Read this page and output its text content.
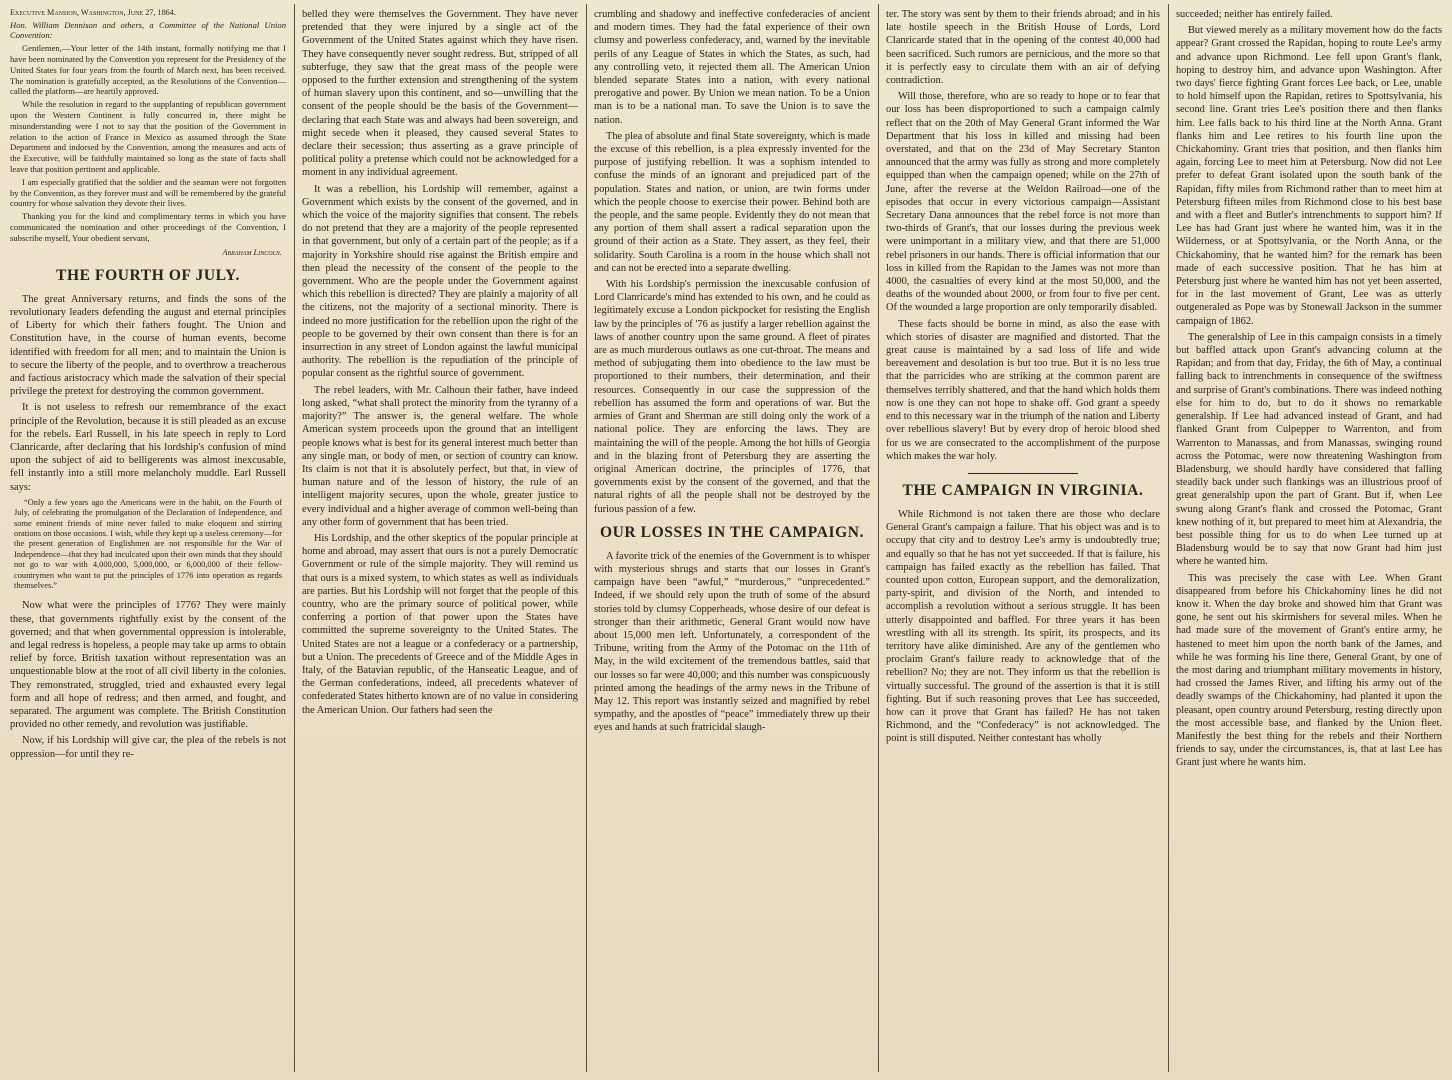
Executive Mansion, Washington, June 27, 1864.
Hon. William Dennison and others, a Committee of the National Union Convention:
Gentlemen,—Your letter of the 14th instant, formally notifying me that I have been nominated by the Convention you represent for the Presidency of the United States for four years from the fourth of March next, has been received. The nomination is gratefully accepted, as the Resolutions of the Convention—called the platform—are heartily approved.
While the resolution in regard to the supplanting of republican government upon the Western Continent is fully concurred in, there might be misunderstanding were I not to say that the position of the Government in relation to the action of France in Mexico as assumed through the State Department and indorsed by the Convention, among the measures and acts of the Executive, will be faithfully maintained so long as the state of facts shall leave that position pertinent and applicable.
I am especially gratified that the soldier and the seaman were not forgotten by the Convention, as they forever must and will be remembered by the grateful country for whose salvation they devote their lives.
Thanking you for the kind and complimentary terms in which you have communicated the nomination and other proceedings of the Convention, I subscribe myself, Your obedient servant,
Abraham Lincoln.
THE FOURTH OF JULY.

The great Anniversary returns, and finds the sons of the revolutionary leaders defending the august and eternal principles of Liberty for which their fathers fought. The Union and Constitution have, in the course of human events, become identified with freedom for all men; and to maintain the Union is to secure the liberty of the people, and to overthrow a treacherous and factious aristocracy which made the salvation of their special privilege the pretext for destroying the common government.

It is not useless to refresh our remembrance of the exact principle of the Revolution, because it is still pleaded as an excuse for the rebels. Earl Russell, in his late speech in reply to Lord Clanricarde, after declaring that his lordship's confusion of mind upon the subject of aid to belligerents was almost inexcusable, fell instantly into a still more melancholy muddle. Earl Russell says:

“Only a few years ago the Americans were in the habit, on the Fourth of July, of celebrating the promulgation of the Declaration of Independence, and some eminent friends of mine never failed to make eloquent and stirring orations on those occasions. I wish, while they kept up a useless ceremony—for the present generation of Englishmen are not responsible for the War of Independence—that they had inculcated upon their own minds that they should not go to war with 4,000,000, 5,000,000, or 6,000,000 of their fellow-countrymen who want to put the principles of 1776 into operation as regards themselves.”

Now what were the principles of 1776? They were mainly these, that governments rightfully exist by the consent of the governed; and that when governmental oppression is intolerable, and legal redress is hopeless, a people may take up arms to obtain relief by force. British taxation without representation was an unquestionable blow at the root of all civil liberty in the colonies. They remonstrated, struggled, tried and exhausted every legal form and all hope of redress; and then armed, and fought, and separated. The argument was complete. The British Constitution provided no other remedy, and revolution was justifiable.

Now, if his Lordship will give car, the plea of the rebels is not oppression—for until they re-

belled they were themselves the Government. They have never pretended that they were injured by a single act of the Government of the United States against which they have risen. They have consequently never sought redress. But, stripped of all subterfuge, they saw that the great mass of the people were opposed to the further extension and strengthening of the system of human slavery upon this continent, and so—unwilling that the consent of the people should be the basis of the Government—declaring that each State was and always had been sovereign, and might secede when it pleased, they caused several States to declare their secession; thus asserting as a grave principle of political polity a pretense which could not be acknowledged for a moment in any individual agreement.

It was a rebellion, his Lordship will remember, against a Government which exists by the consent of the governed, and in which the voice of the majority signifies that consent. The rebels do not pretend that they are a majority of the people represented in that government, but only of a certain part of the people; as if a majority in Yorkshire should rise against the British empire and then plead the necessity of the consent of the people to the government. Who are the people under the Government against which this rebellion is directed? They are plainly a majority of all the citizens, not the majority of a sectional minority. There is indeed no more justification for the rebellion upon the right of the people to be governed by their own consent than there is for an insurrection in any street of London against the lawful municipal authority. The rebellion is the repudiation of the principle of popular consent as the rightful source of government.

The rebel leaders, with Mr. Calhoun their father, have indeed long asked, “what shall protect the minority from the tyranny of a majority?” The answer is, the general welfare. The whole American system proceeds upon the ground that an intelligent people knows what is best for its general interest much better than any single man, or body of men, or section of country can know. Its claim is not that it is absolutely perfect, but that, in view of human nature and of the lesson of history, the rule of an intelligent majority secures, upon the whole, greater justice to every individual and a higher average of common well-being than any other form of government that has been tried.

His Lordship, and the other skeptics of the popular principle at home and abroad, may assert that ours is not a purely Democratic Government or rule of the simple majority. They will remind us that ours is a mixed system, to which states as well as individuals are parties. But his Lordship will not forget that the people of this country, who are the primary source of political power, while conferring a portion of that power upon the States have committed the supreme sovereignty to the United States. The United States are not a league or a confederacy or a partnership, but a Union. The precedents of Greece and of the Middle Ages in Italy, of the Batavian republic, of the Hanseatic League, and of the German confederations, indeed, all precedents whatever of confederated States hitherto known are of no value in considering the American Union. Our fathers had seen the

crumbling and shadowy and ineffective confederacies of ancient and modern times. They had the fatal experience of their own clumsy and powerless confederacy, and, warned by the inevitable perils of any League of States in which the States, as such, had any controlling veto, it rejected them all. The American Union blended separate States into a nation, with every national prerogative and power. By Union we mean nation. To be a Union man is to be a national man. To save the Union is to save the nation.

The plea of absolute and final State sovereignty, which is made the excuse of this rebellion, is a plea expressly invented for the purpose of justifying rebellion. It was a sophism intended to confuse the minds of an ignorant and prejudiced part of the population. States and nation, or union, are twin forms under which the people choose to exercise their power. Behind both are the people, and the same people. Evidently they do not mean that any portion of them shall assert a radical separation upon the ground of their action as a State. They assert, as they feel, their solidarity. South Carolina is a room in the house which shall not and can not be erected into a separate dwelling.

With his Lordship's permission the inexcusable confusion of Lord Clanricarde's mind has extended to his own, and he could as legitimately excuse a London pickpocket for resisting the English law by the principles of '76 as justify a larger rebellion against the laws of another country upon the same ground. A fleet of pirates are as much murderous outlaws as one cut-throat. The means and method of subjugating them into obedience to the law must be proportioned to their numbers, their determination, and their resources. Consequently in our case the suppression of the rebellion has assumed the form and operations of war. But the armies of Grant and Sherman are still doing only the work of a national police. They are enforcing the laws. They are maintaining the will of the people. Among the hot hills of Georgia and in the blazing front of Petersburg they are asserting the original American doctrine, the principles of 1776, that governments exist by the consent of the governed, and that the natural rights of all the people shall not be destroyed by the furious passion of a few.

OUR LOSSES IN THE CAMPAIGN.

A favorite trick of the enemies of the Government is to whisper with mysterious shrugs and starts that our losses in Grant's campaign have been “awful,” “murderous,” “unprecedented.” Indeed, if we should rely upon the truth of some of the absurd stories told by clumsy Copperheads, whose desire of our defeat is stronger than their arithmetic, General Grant would now have about 15,000 men left. Unfortunately, a correspondent of the Tribune, writing from the Army of the Potomac on the 11th of May, in the wild excitement of the tremendous battles, said that our losses so far were 40,000; and this number was conspicuously printed among the headings of the army news in the Tribune of May 12. This report was instantly seized and magnified by rebel sympathy, and the apostles of “peace” immediately threw up their eyes and hands at such fratricidal slaugh-

ter. The story was sent by them to their friends abroad; and in his late hostile speech in the British House of Lords, Lord Clanricarde stated that in the opening of the contest 40,000 had been sacrificed. Such rumors are pernicious, and the more so that it is perfectly easy to circulate them with an air of defying contradiction.

Will those, therefore, who are so ready to hope or to fear that our loss has been disproportioned to such a campaign calmly reflect that on the 20th of May General Grant informed the War Department that his loss in killed and missing had been overstated, and that on the 23d of May Secretary Stanton announced that the army was fully as strong and more completely equipped than when the campaign opened; while on the 27th of June, after the reverse at the Weldon Railroad—one of the episodes that occur in every victorious campaign—Assistant Secretary Dana announces that the rebel force is not more than two-thirds of Grant's, that our losses during the previous week were unimportant in a military view, and that there are 51,000 rebel prisoners in our hands. There is official information that our loss in killed from the Rapidan to the James was not more than 4000, the casualties of every kind at the most 50,000, and the deaths of the wounded about 2000, or from four to five per cent. Of the wounded a large proportion are only temporarily disabled.

These facts should be borne in mind, as also the ease with which stories of disaster are magnified and distorted. That the great cause is maintained by a sad loss of life and wide bereavement and desolation is but too true. But it is no less true that the parricides who are striking at the common parent are themselves terribly shattered, and that the hand which holds them now is one they can not hope to shake off. God grant a speedy end to this necessary war in the triumph of the nation and Liberty over rebellious slavery! But by every drop of heroic blood shed for us we are consecrated to the accomplishment of the purpose which makes the war holy.

THE CAMPAIGN IN VIRGINIA.

While Richmond is not taken there are those who declare General Grant's campaign a failure. That his object was and is to occupy that city and to destroy Lee's army is undoubtedly true; and equally so that he has not yet succeeded. If that is failure, his campaign has failed exactly as the rebellion has failed. That counted upon cotton, European support, and the demoralization, party-spirit, and division of the North, and intended to accomplish a revolution without a serious struggle. It has been utterly disappointed and baffled. For three years it has been wrestling with all its strength. Its spirit, its prospects, and its territory have alike diminished. Are any of the gentlemen who proclaim Grant's failure ready to acknowledge that of the rebellion? No; they are not. They inform us that the rebellion is virtually successful. The ground of the assertion is that it is still fighting. But if such reasoning proves that Lee has succeeded, how can it prove that Grant has failed? He has not taken Richmond, and the “Confederacy” is not acknowledged. The point is still disputed. Neither contestant has wholly

succeeded; neither has entirely failed.

But viewed merely as a military movement how do the facts appear? Grant crossed the Rapidan, hoping to route Lee's army and advance upon Richmond. Lee fell upon Grant's flank, hoping to destroy him, and advance upon Washington. After two days' fierce fighting Grant forces Lee back, or Lee, unable to hold himself upon the Rapidan, retires to Spottsylvania, his second line. Grant tries Lee's position there and then flanks him. Lee falls back to his third line at the North Anna. Grant flanks him and Lee retires to his fourth line upon the Chickahominy. Grant tries that position, and then flanks him again, forcing Lee to meet him at Petersburg. Now did not Lee prefer to defeat Grant isolated upon the south bank of the Rapidan, fifty miles from Richmond rather than to meet him at Petersburg fifteen miles from Richmond close to his best base and with a fleet and Butler's intrenchments to support him? If Lee has had Grant just where he wanted him, was it in the Wilderness, or at Spottsylvania, or the North Anna, or the Chickahominy, that he wanted him? for the remark has been made of each successive position. That he has him at Petersburg just where he wanted him has not yet been asserted, for in the last movement of Grant, Lee was as utterly outgeneraled as Pope was by Stonewall Jackson in the summer campaign of 1862.

The generalship of Lee in this campaign consists in a timely but baffled attack upon Grant's advancing column at the Rapidan; and from that day, Friday, the 6th of May, a continual falling back to intrenchments in consequence of the swiftness and surprise of Grant's combinations. There was indeed nothing else for him to do, but to do it shows no remarkable generalship. If Lee had advanced instead of Grant, and had flanked Grant from Culpepper to Warrenton, and from Warrenton to Manassas, and from Manassas, swinging round across the Potomac, were now threatening Washington from Bladensburg, we should hardly have considered that falling steadily back under such flankings was an illustrious proof of great generalship upon the part of Grant. But if, when Lee swung along Grant's flank and crossed the Potomac, Grant knew nothing of it, but prepared to meet him at Alexandria, the best possible thing for us to do when Lee turned up at Bladensburg would be to say that now Grant had him just where he wanted him.

This was precisely the case with Lee. When Grant disappeared from before his Chickahominy lines he did not know it. When the day broke and showed him that Grant was gone, he sent out his skirmishers for several miles. When he had made sure of the movement of Grant's entire army, he hastened to meet him upon the north bank of the James, and while he was forming his line there, General Grant, by one of the most daring and triumphant military movements in history, had crossed the James River, and lifting his army out of the deadly swamps of the Chickahominy, had planted it upon the pleasant, open country around Petersburg, resting directly upon the most accessible base, and flanked by the Union fleet. Manifestly the best thing for the rebels and their Northern friends to say, under the circumstances, is, that at last Lee has Grant just where he wants him.
